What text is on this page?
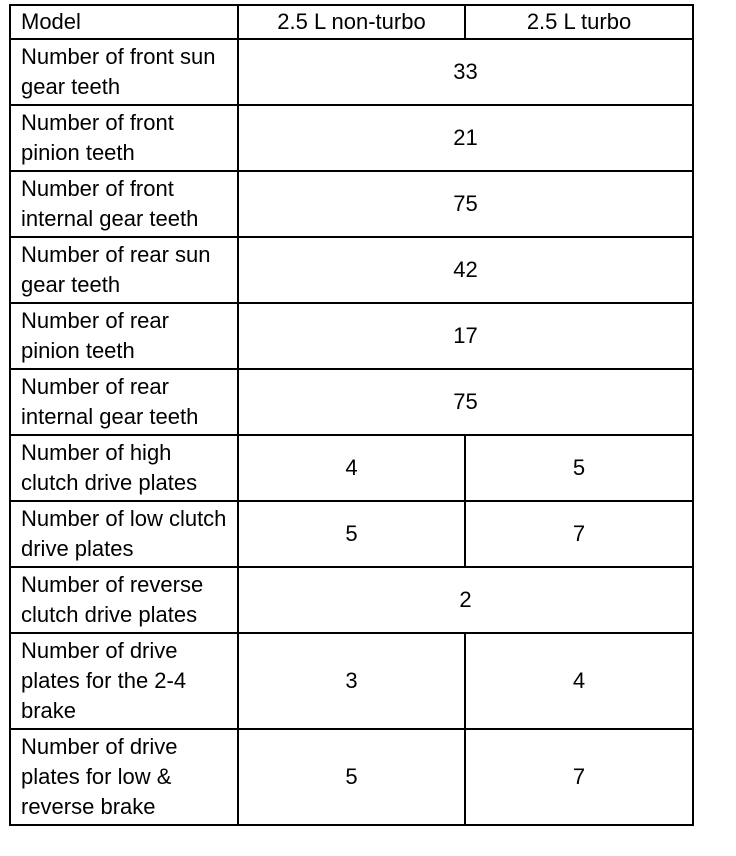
Model	2.5 L non-turbo	2.5 L turbo
Number of front sun gear teeth	33	
Number of front pinion teeth	21	
Number of front internal gear teeth	75	
Number of rear sun gear teeth	42	
Number of rear pinion teeth	17	
Number of rear internal gear teeth	75	
Number of high clutch drive plates	4	5
Number of low clutch drive plates	5	7
Number of reverse clutch drive plates	2	
Number of drive plates for the 2-4 brake	3	4
Number of drive plates for low & reverse brake	5	7
